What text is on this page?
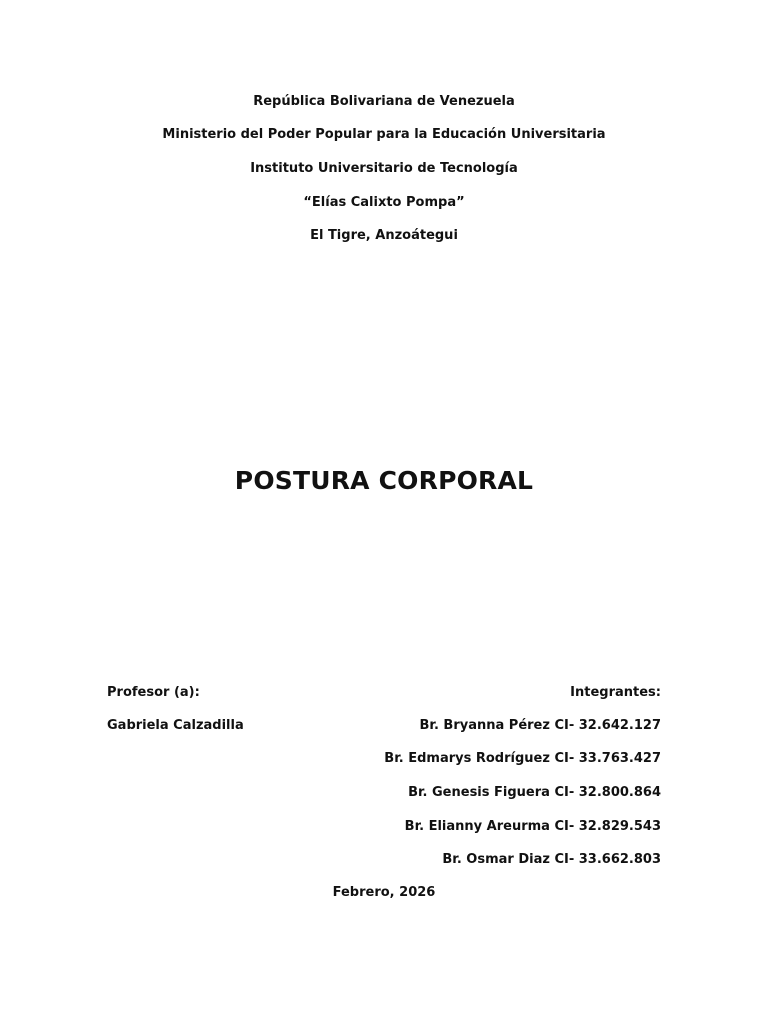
República Bolivariana de Venezuela
Ministerio del Poder Popular para la Educación Universitaria
Instituto Universitario de Tecnología
“Elías Calixto Pompa”
El Tigre, Anzoátegui
POSTURA CORPORAL
Profesor (a):
Gabriela Calzadilla
Integrantes:
Br. Bryanna Pérez CI- 32.642.127
Br. Edmarys Rodríguez CI- 33.763.427
Br. Genesis Figuera CI- 32.800.864
Br. Elianny Areurma CI- 32.829.543
Br. Osmar Diaz CI- 33.662.803
Febrero, 2026
